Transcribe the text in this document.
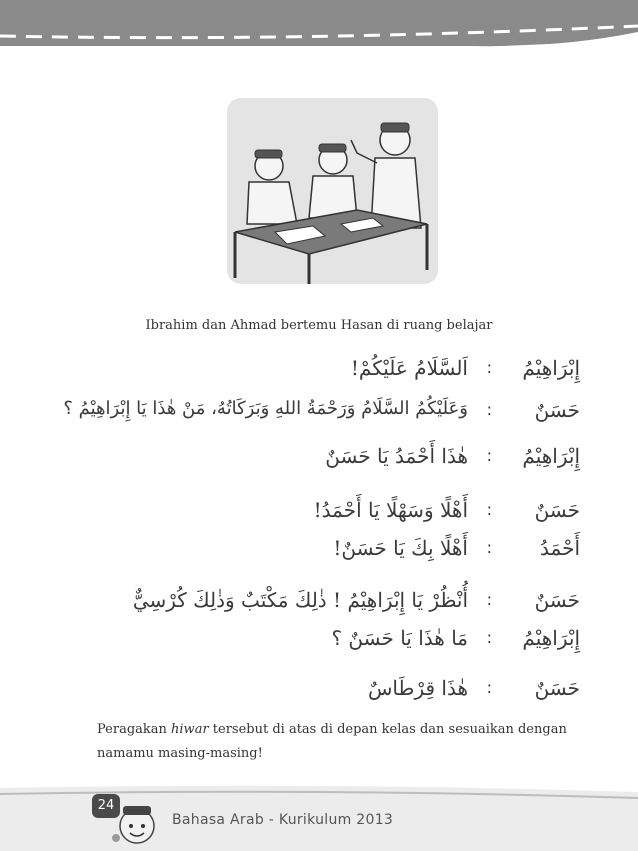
Ibrahim dan Ahmad bertemu Hasan di ruang belajar
إِبْرَاهِيْمُ
:
اَلسَّلَامُ عَلَيْكُمْ!
حَسَنٌ
:
وَعَلَيْكُمُ السَّلَامُ وَرَحْمَةُ اللهِ وَبَرَكَاتُهُ، مَنْ هٰذَا يَا إِبْرَاهِيْمُ ؟
إِبْرَاهِيْمُ
:
هٰذَا أَحْمَدُ يَا حَسَنٌ
حَسَنٌ
:
أَهْلًا وَسَهْلًا يَا أَحْمَدُ!
أَحْمَدُ
:
أَهْلًا بِكَ يَا حَسَنٌ!
حَسَنٌ
:
أُنْظُرْ يَا إِبْرَاهِيْمُ ! ذٰلِكَ مَكْتَبٌ وَذٰلِكَ كُرْسِيٌّ
إِبْرَاهِيْمُ
:
مَا هٰذَا يَا حَسَنٌ ؟
حَسَنٌ
:
هٰذَا قِرْطَاسٌ
Peragakan hiwar tersebut di atas di depan kelas dan sesuaikan dengan namamu masing-masing!
24
Bahasa Arab - Kurikulum 2013
